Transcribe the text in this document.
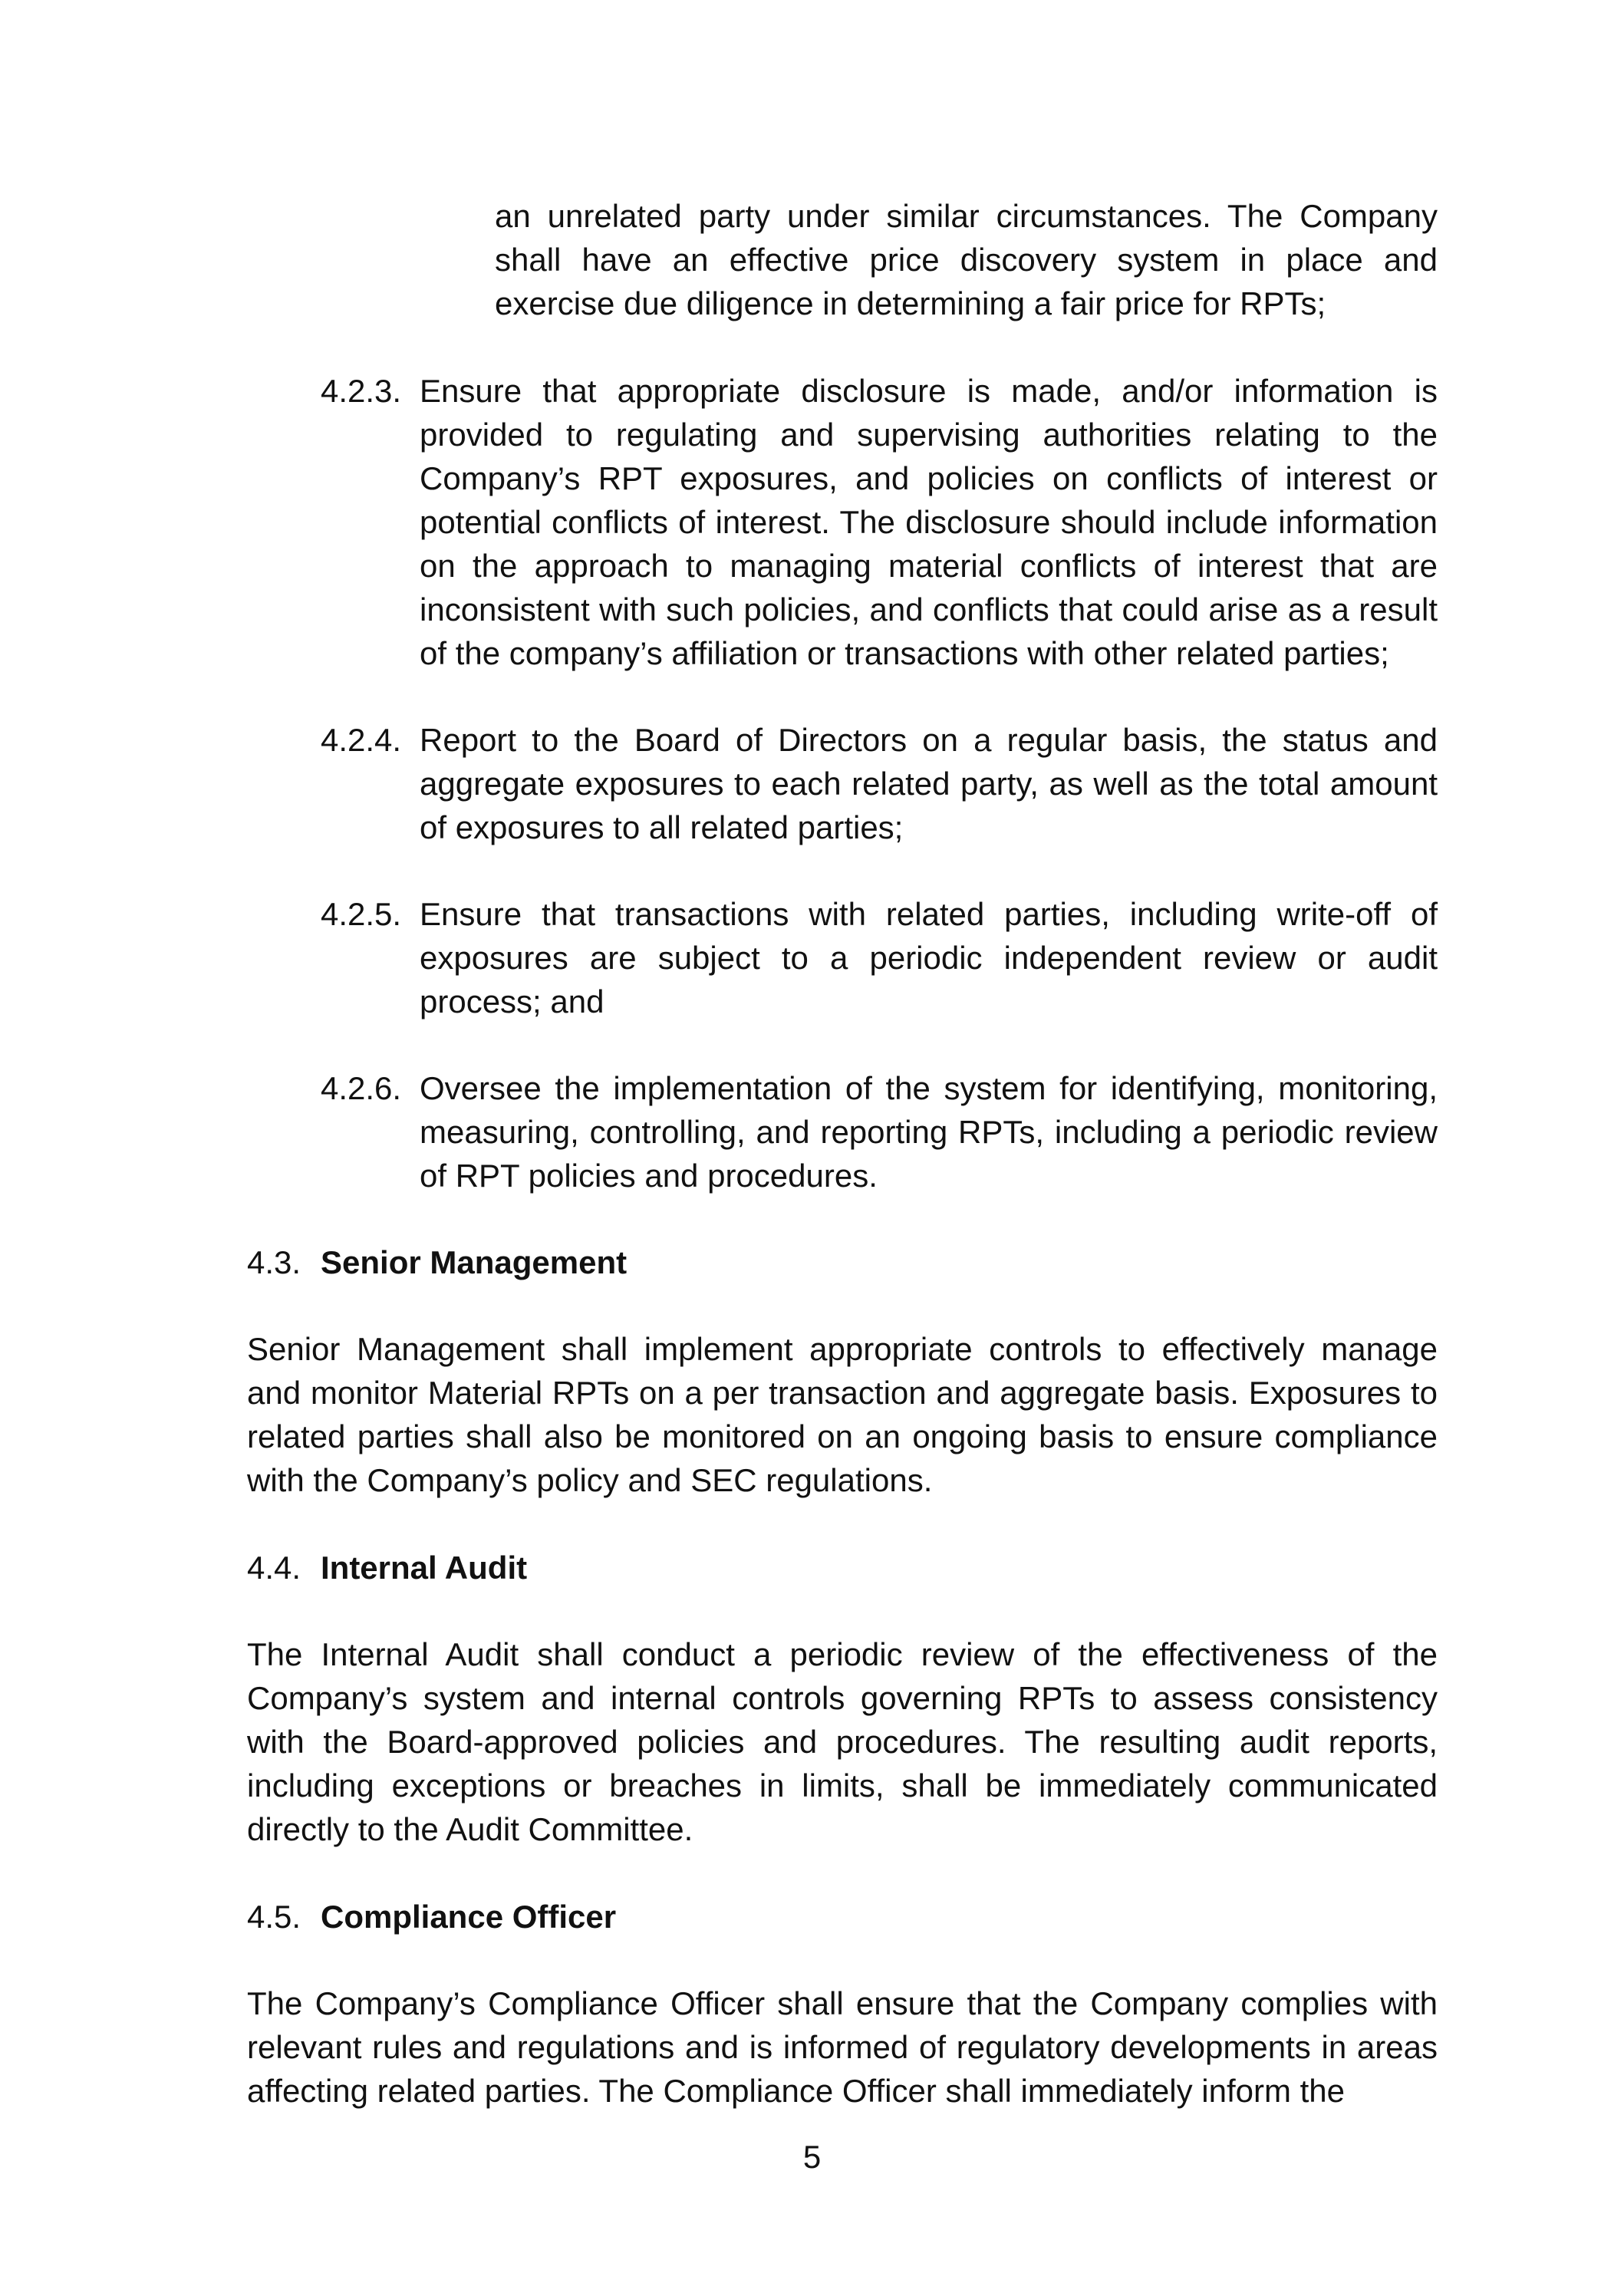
an unrelated party under similar circumstances. The Company shall have an effective price discovery system in place and exercise due diligence in determining a fair price for RPTs;

4.2.3. Ensure that appropriate disclosure is made, and/or information is provided to regulating and supervising authorities relating to the Company’s RPT exposures, and policies on conflicts of interest or potential conflicts of interest. The disclosure should include information on the approach to managing material conflicts of interest that are inconsistent with such policies, and conflicts that could arise as a result of the company’s affiliation or transactions with other related parties;
4.2.4. Report to the Board of Directors on a regular basis, the status and aggregate exposures to each related party, as well as the total amount of exposures to all related parties;
4.2.5. Ensure that transactions with related parties, including write-off of exposures are subject to a periodic independent review or audit process; and
4.2.6. Oversee the implementation of the system for identifying, monitoring, measuring, controlling, and reporting RPTs, including a periodic review of RPT policies and procedures.
4.3. Senior Management

Senior Management shall implement appropriate controls to effectively manage and monitor Material RPTs on a per transaction and aggregate basis. Exposures to related parties shall also be monitored on an ongoing basis to ensure compliance with the Company’s policy and SEC regulations.

4.4. Internal Audit

The Internal Audit shall conduct a periodic review of the effectiveness of the Company’s system and internal controls governing RPTs to assess consistency with the Board-approved policies and procedures. The resulting audit reports, including exceptions or breaches in limits, shall be immediately communicated directly to the Audit Committee.

4.5. Compliance Officer

The Company’s Compliance Officer shall ensure that the Company complies with relevant rules and regulations and is informed of regulatory developments in areas affecting related parties. The Compliance Officer shall immediately inform the

5
